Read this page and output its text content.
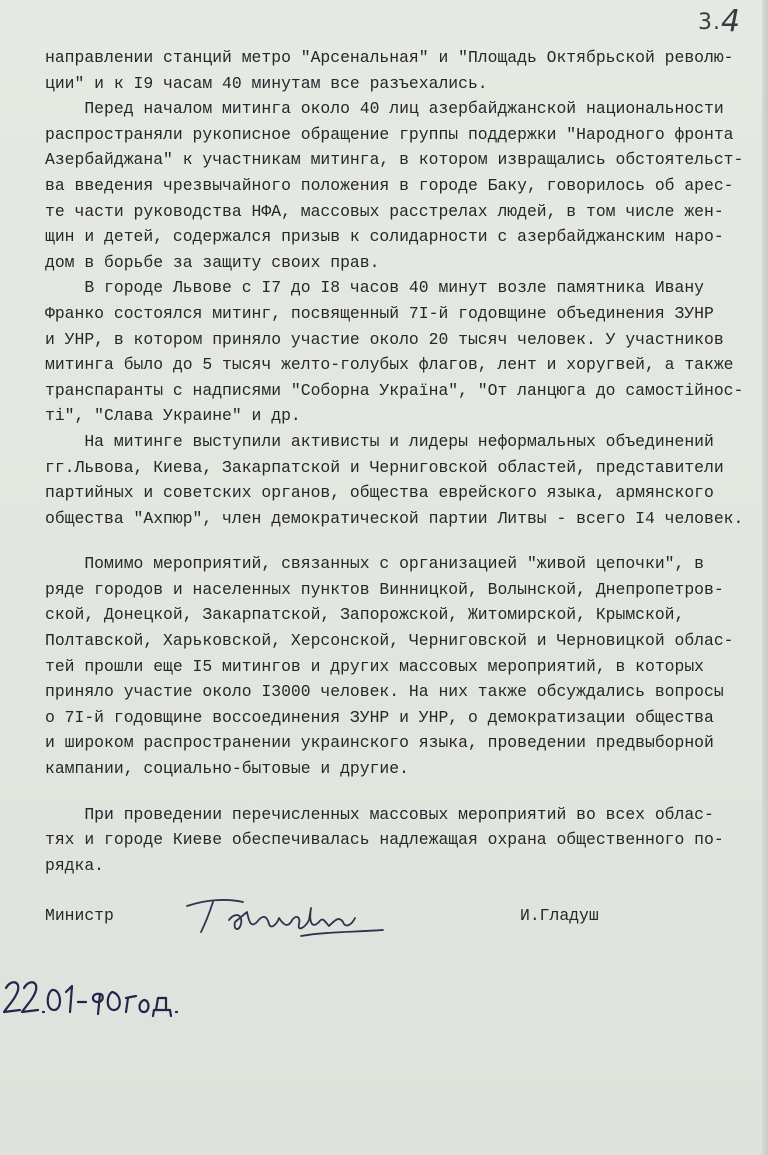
3.4
направлении станций метро "Арсенальная" и "Площадь Октябрьской револю-
ции" и к I9 часам 40 минутам все разъехались.
Перед началом митинга около 40 лиц азербайджанской национальности
распространяли рукописное обращение группы поддержки "Народного фронта
Азербайджана" к участникам митинга, в котором извращались обстоятельст-
ва введения чрезвычайного положения в городе Баку, говорилось об арес-
те части руководства НФА, массовых расстрелах людей, в том числе жен-
щин и детей, содержался призыв к солидарности с азербайджанским наро-
дом в борьбе за защиту своих прав.
В городе Львове с I7 до I8 часов 40 минут возле памятника Ивану
Франко состоялся митинг, посвященный 7I-й годовщине объединения ЗУНР
и УНР, в котором приняло участие около 20 тысяч человек. У участников
митинга было до 5 тысяч желто-голубых флагов, лент и хоругвей, а также
транспаранты с надписями "Соборна Україна", "От ланцюга до самостійнос-
ті", "Слава Украине" и др.
На митинге выступили активисты и лидеры неформальных объединений
гг.Львова, Киева, Закарпатской и Черниговской областей, представители
партийных и советских органов, общества еврейского языка, армянского
общества "Ахпюр", член демократической партии Литвы - всего I4 человек.
Помимо мероприятий, связанных с организацией "живой цепочки", в
ряде городов и населенных пунктов Винницкой, Волынской, Днепропетров-
ской, Донецкой, Закарпатской, Запорожской, Житомирской, Крымской,
Полтавской, Харьковской, Херсонской, Черниговской и Черновицкой облас-
тей прошли еще I5 митингов и других массовых мероприятий, в которых
приняло участие около I3000 человек. На них также обсуждались вопросы
о 7I-й годовщине воссоединения ЗУНР и УНР, о демократизации общества
и широком распространении украинского языка, проведении предвыборной
кампании, социально-бытовые и другие.
При проведении перечисленных массовых мероприятий во всех облас-
тях и городе Киеве обеспечивалась надлежащая охрана общественного по-
рядка.
Министр	И.Гладуш
22.01.90год.
